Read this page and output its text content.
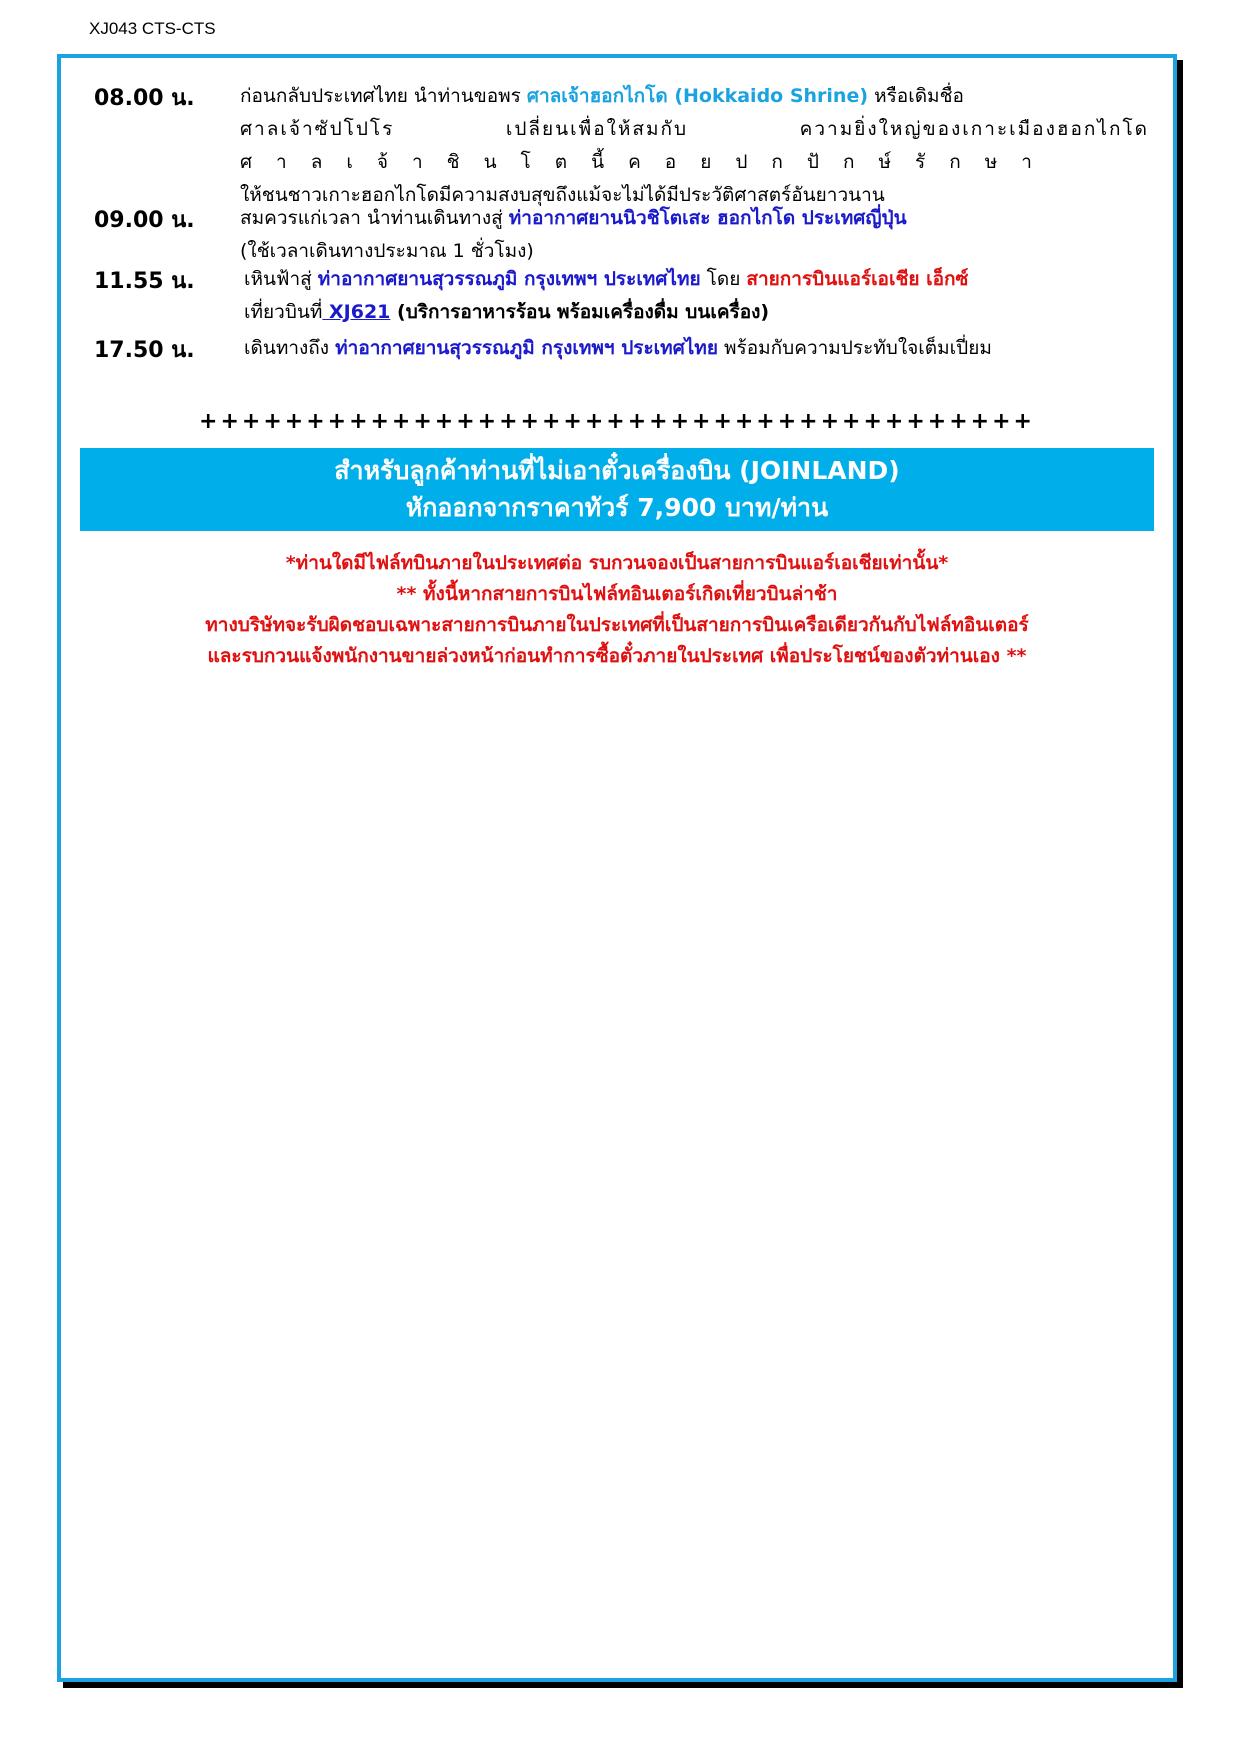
XJ043 CTS-CTS
08.00 น. ก่อนกลับประเทศไทย นำท่านขอพร ศาลเจ้าฮอกไกโด (Hokkaido Shrine) หรือเดิมชื่อ
ศาลเจ้าซัปโปโร เปลี่ยนเพื่อให้สมกับ ความยิ่งใหญ่ของเกาะเมืองฮอกไกโด
ศาลเจ้าชินโตนี้คอยปกปักษ์รักษา
ให้ชนชาวเกาะฮอกไกโดมีความสงบสุขถึงแม้จะไม่ได้มีประวัติศาสตร์อันยาวนาน
09.00 น. สมควรแก่เวลา นำท่านเดินทางสู่ ท่าอากาศยานนิวชิโตเสะ ฮอกไกโด ประเทศญี่ปุ่น
(ใช้เวลาเดินทางประมาณ 1 ชั่วโมง)
11.55 น.	เหินฟ้าสู่ ท่าอากาศยานสุวรรณภูมิ กรุงเทพฯ ประเทศไทย โดย สายการบินแอร์เอเชีย เอ็กซ์
เที่ยวบินที่ XJ621 (บริการอาหารร้อน พร้อมเครื่องดื่ม บนเครื่อง)
17.50 น.	เดินทางถึง ท่าอากาศยานสุวรรณภูมิ กรุงเทพฯ ประเทศไทย พร้อมกับความประทับใจเต็มเปี่ยม
+++++++++++++++++++++++++++++++++++++++
สำหรับลูกค้าท่านที่ไม่เอาตั๋วเครื่องบิน (JOINLAND)
หักออกจากราคาทัวร์ 7,900 บาท/ท่าน
*ท่านใดมีไฟล์ทบินภายในประเทศต่อ รบกวนจองเป็นสายการบินแอร์เอเชียเท่านั้น*
** ทั้งนี้หากสายการบินไฟล์ทอินเตอร์เกิดเที่ยวบินล่าช้า
ทางบริษัทจะรับผิดชอบเฉพาะสายการบินภายในประเทศที่เป็นสายการบินเครือเดียวกันกับไฟล์ทอินเตอร์
และรบกวนแจ้งพนักงานขายล่วงหน้าก่อนทำการซื้อตั๋วภายในประเทศ เพื่อประโยชน์ของตัวท่านเอง **
